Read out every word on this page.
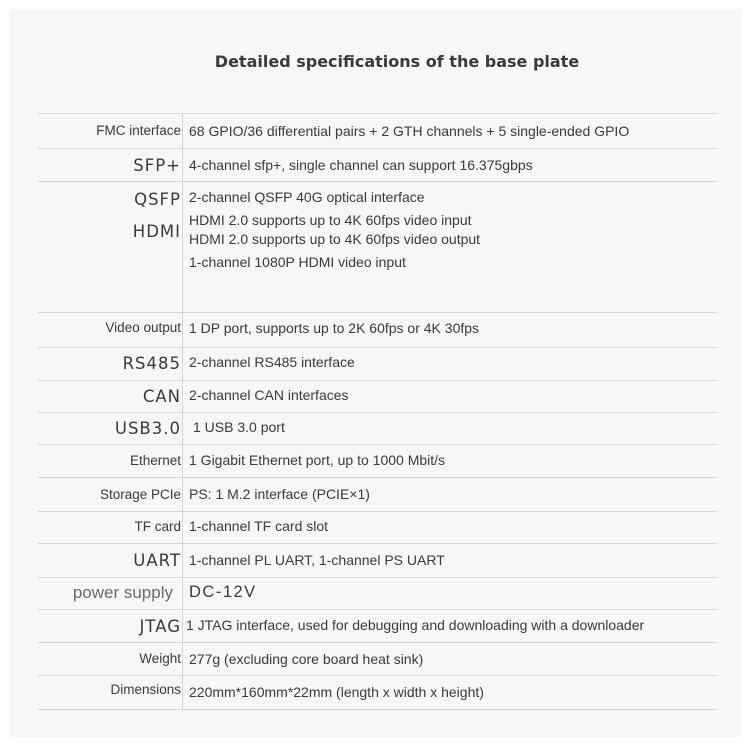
Detailed specifications of the base plate
FMC interface 68 GPIO/36 differential pairs + 2 GTH channels + 5 single-ended GPIO
SFP+ 4-channel sfp+, single channel can support 16.375gbps
QSFP
HDMI
2-channel QSFP 40G optical interface
HDMI 2.0 supports up to 4K 60fps video input
HDMI 2.0 supports up to 4K 60fps video output
1-channel 1080P HDMI video input
Video output 1 DP port, supports up to 2K 60fps or 4K 30fps
RS485 2-channel RS485 interface
CAN 2-channel CAN interfaces
USB3.0 1 USB 3.0 port
Ethernet 1 Gigabit Ethernet port, up to 1000 Mbit/s
Storage PCIe PS: 1 M.2 interface (PCIE×1)
TF card 1-channel TF card slot
UART 1-channel PL UART, 1-channel PS UART
power supply DC-12V
JTAG 1 JTAG interface, used for debugging and downloading with a downloader
Weight 277g (excluding core board heat sink)
Dimensions 220mm*160mm*22mm (length x width x height)
